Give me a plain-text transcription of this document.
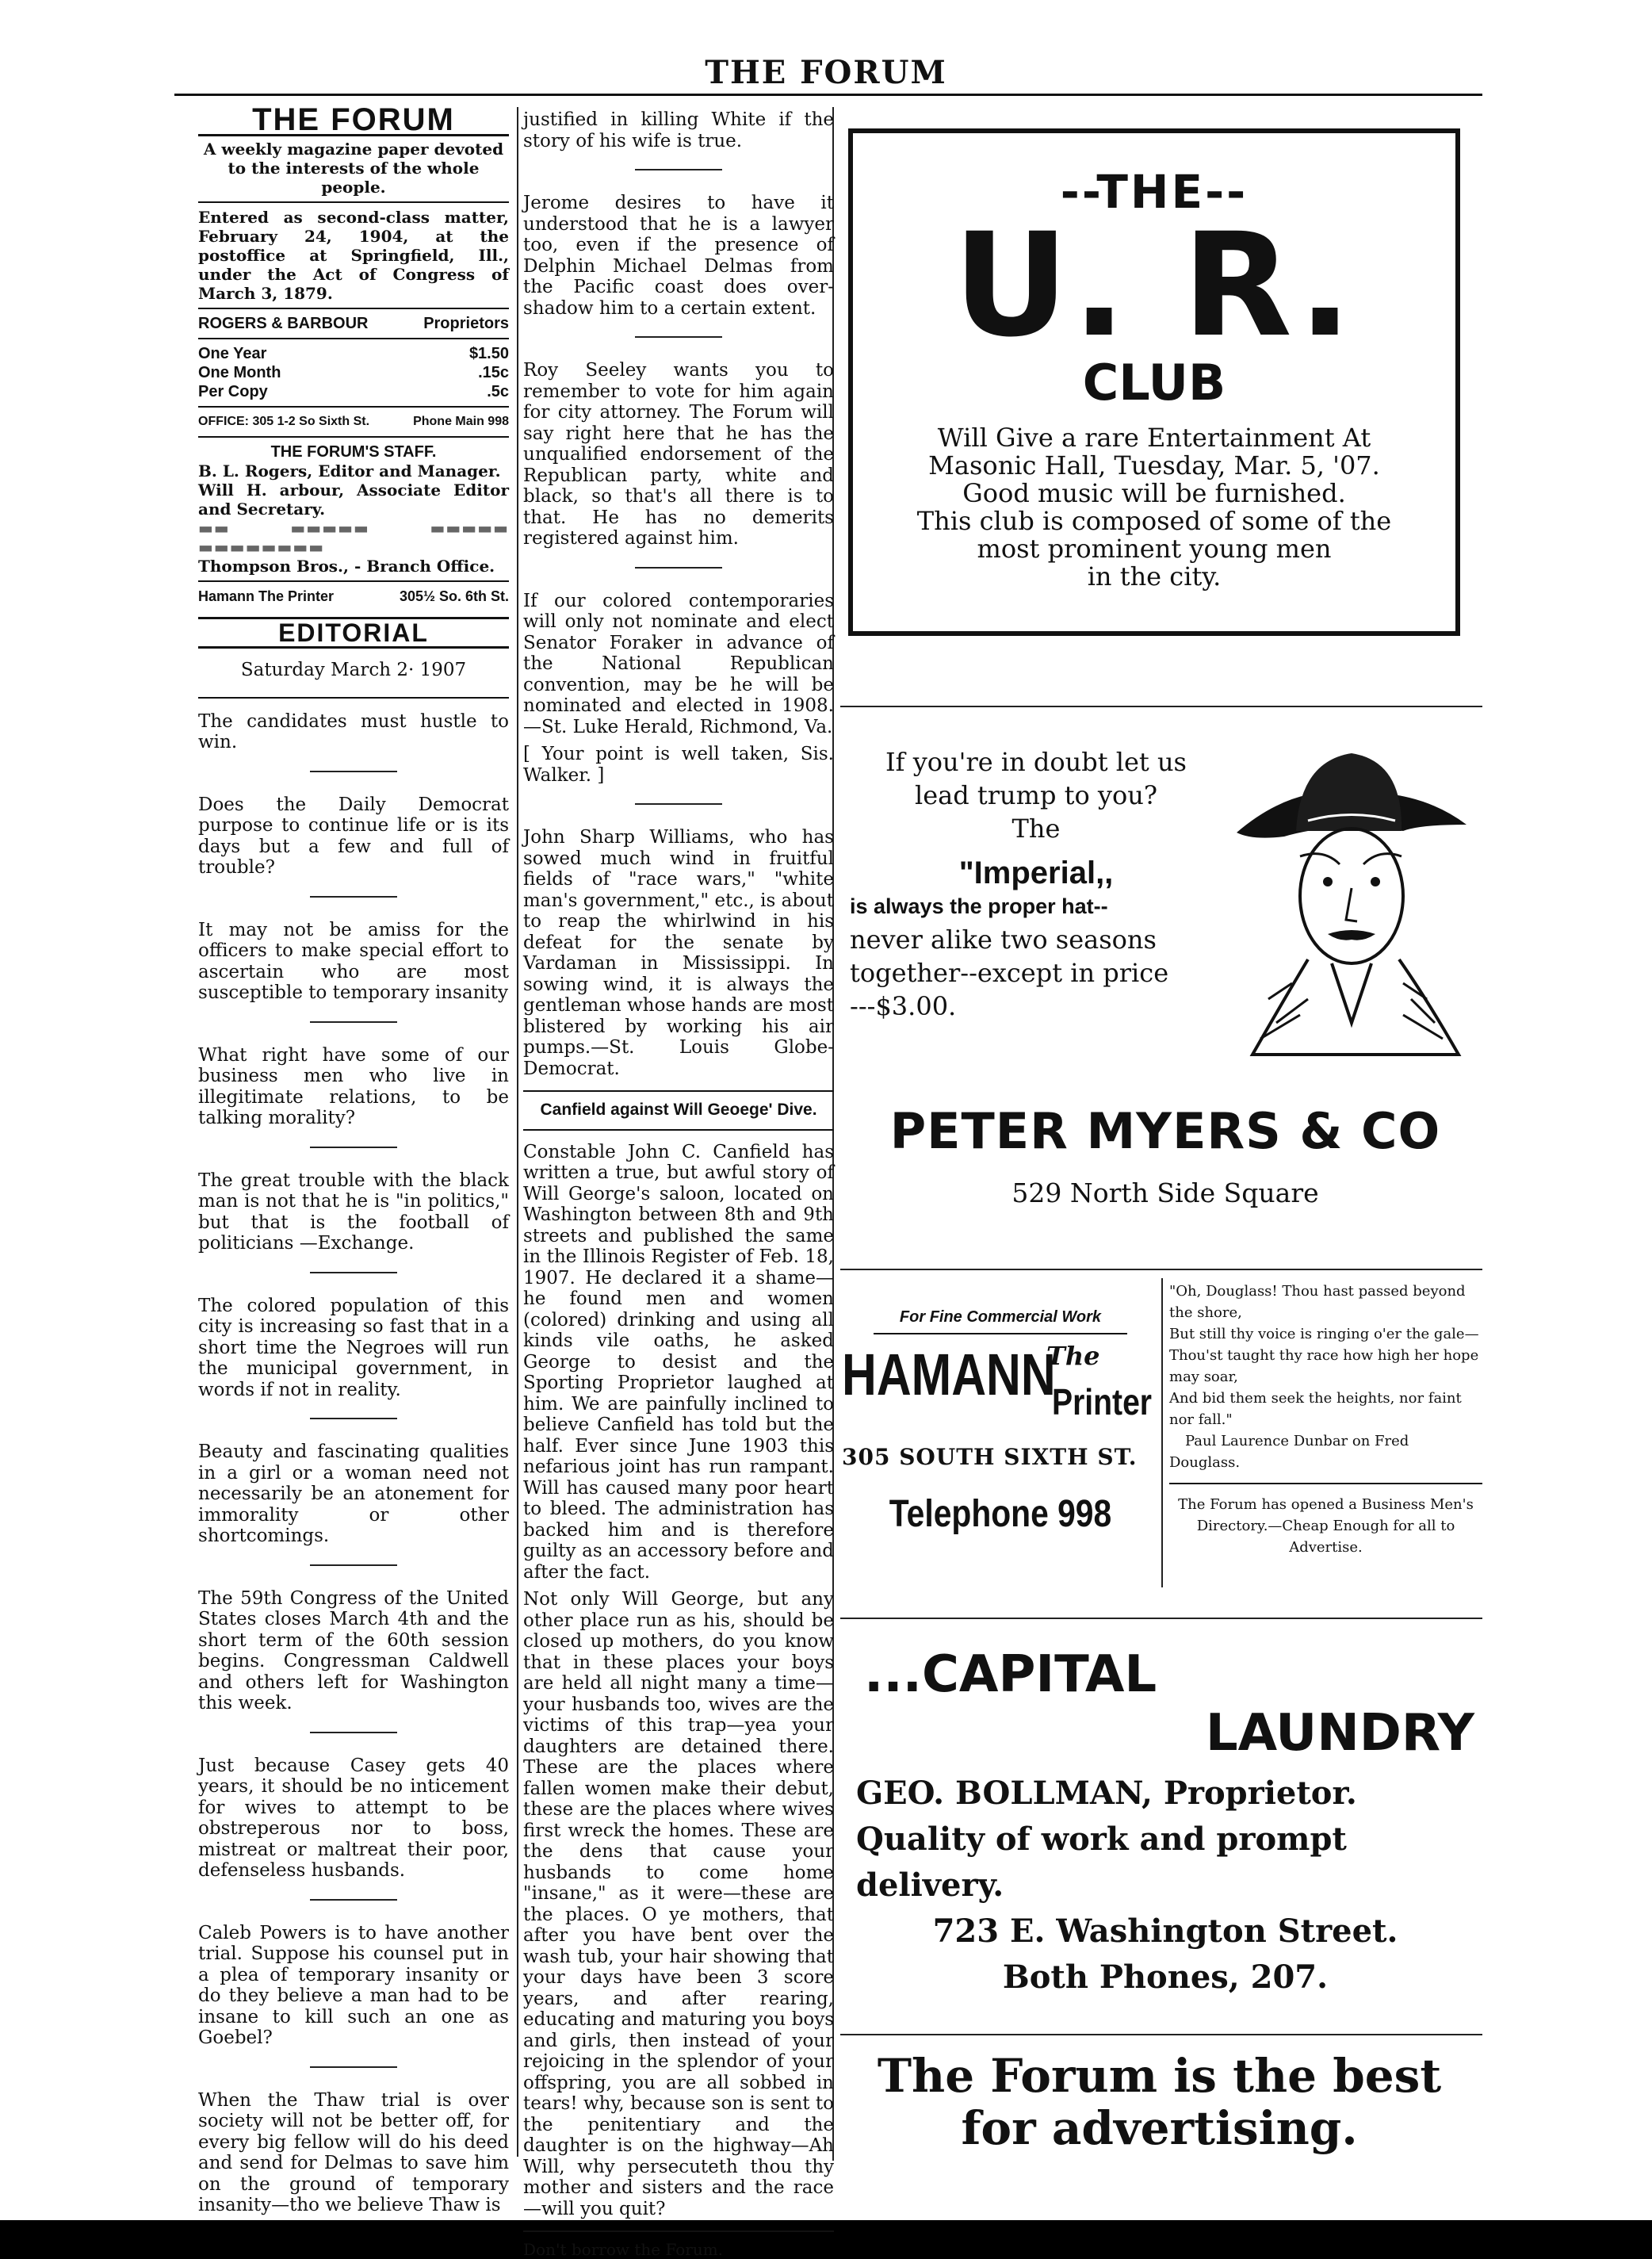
THE FORUM
THE FORUM
A weekly magazine paper devoted to the interests of the whole people.
Entered as second-class matter, February 24, 1904, at the postoffice at Springfield, Ill., under the Act of Congress of March 3, 1879.
ROGERS & BARBOUR	Proprietors
One Year	$1.50
One Month	.15c
Per Copy	.5c
OFFICE: 305 1-2 So Sixth St.	Phone Main 998
THE FORUM'S STAFF.
B. L. Rogers, Editor and Manager.
Will H. arbour, Associate Editor and Secretary.
▬▬ ▬▬▬▬▬ ▬▬▬▬▬ ▬▬▬▬▬▬▬▬
Thompson Bros., - Branch Office.
Hamann The Printer	305½ So. 6th St.
EDITORIAL
Saturday March 2· 1907

The candidates must hustle to win.

Does the Daily Democrat purpose to continue life or is its days but a few and full of trouble?

It may not be amiss for the officers to make special effort to ascertain who are most susceptible to temporary insanity

What right have some of our business men who live in illegitimate relations, to be talking morality?

The great trouble with the black man is not that he is "in politics," but that is the football of politicians —Exchange.

The colored population of this city is increasing so fast that in a short time the Negroes will run the municipal government, in words if not in reality.

Beauty and fascinating qualities in a girl or a woman need not necessarily be an atonement for immorality or other shortcomings.

The 59th Congress of the United States closes March 4th and the short term of the 60th session begins. Congressman Caldwell and others left for Washington this week.

Just because Casey gets 40 years, it should be no inticement for wives to attempt to be obstreperous nor to boss, mistreat or maltreat their poor, defenseless husbands.

Caleb Powers is to have another trial. Suppose his counsel put in a plea of temporary insanity or do they believe a man had to be insane to kill such an one as Goebel?

When the Thaw trial is over society will not be better off, for every big fellow will do his deed and send for Delmas to save him on the ground of temporary insanity—tho we believe Thaw is

justified in killing White if the story of his wife is true.

Jerome desires to have it understood that he is a lawyer too, even if the presence of Delphin Michael Delmas from the Pacific coast does over-shadow him to a certain extent.

Roy Seeley wants you to remember to vote for him again for city attorney. The Forum will say right here that he has the unqualified endorsement of the Republican party, white and black, so that's all there is to that. He has no demerits registered against him.

If our colored contemporaries will only not nominate and elect Senator Foraker in advance of the National Republican convention, may be he will be nominated and elected in 1908.—St. Luke Herald, Richmond, Va.

[ Your point is well taken, Sis. Walker. ]

John Sharp Williams, who has sowed much wind in fruitful fields of "race wars," "white man's government," etc., is about to reap the whirlwind in his defeat for the senate by Vardaman in Mississippi. In sowing wind, it is always the gentleman whose hands are most blistered by working his air pumps.—St. Louis Globe-Democrat.

Canfield against Will Geoege' Dive.

Constable John C. Canfield has written a true, but awful story of Will George's saloon, located on Washington between 8th and 9th streets and published the same in the Illinois Register of Feb. 18, 1907. He declared it a shame—he found men and women (colored) drinking and using all kinds vile oaths, he asked George to desist and the Sporting Proprietor laughed at him. We are painfully inclined to believe Canfield has told but the half. Ever since June 1903 this nefarious joint has run rampant. Will has caused many poor heart to bleed. The administration has backed him and is therefore guilty as an accessory before and after the fact.

Not only Will George, but any other place run as his, should be closed up mothers, do you know that in these places your boys are held all night many a time—your husbands too, wives are the victims of this trap—yea your daughters are detained there. These are the places where fallen women make their debut, these are the places where wives first wreck the homes. These are the dens that cause your husbands to come home "insane," as it were—these are the places. O ye mothers, that after you have bent over the wash tub, your hair showing that your days have been 3 score years, and after rearing, educating and maturing you boys and girls, then instead of your rejoicing in the splendor of your offspring, you are all sobbed in tears! why, because son is sent to the penitentiary and the daughter is on the highway—Ah Will, why persecuteth thou thy mother and sisters and the race—will you quit?

Don't borrow the Forum.
--THE--
U. R.
CLUB
Will Give a rare Entertainment At
Masonic Hall, Tuesday, Mar. 5, '07.
Good music will be furnished.
This club is composed of some of the
most prominent young men
in the city.
If you're in doubt let us
lead trump to you?
The
"Imperial,,
is always the proper hat--
never alike two seasons
together--except in price
---$3.00.
PETER MYERS & CO
529 North Side Square
For Fine Commercial Work
HAMANN
The
Printer
305 SOUTH SIXTH ST.
Telephone 998
"Oh, Douglass! Thou hast passed beyond the shore,
But still thy voice is ringing o'er the gale—
Thou'st taught thy race how high her hope may soar,
And bid them seek the heights, nor faint nor fall."
Paul Laurence Dunbar on Fred Douglass.
The Forum has opened a Business Men's Directory.—Cheap Enough for all to Advertise.
...CAPITAL
LAUNDRY
GEO. BOLLMAN, Proprietor.
Quality of work and prompt delivery.
723 E. Washington Street.
Both Phones, 207.
The Forum is the best
for advertising.
